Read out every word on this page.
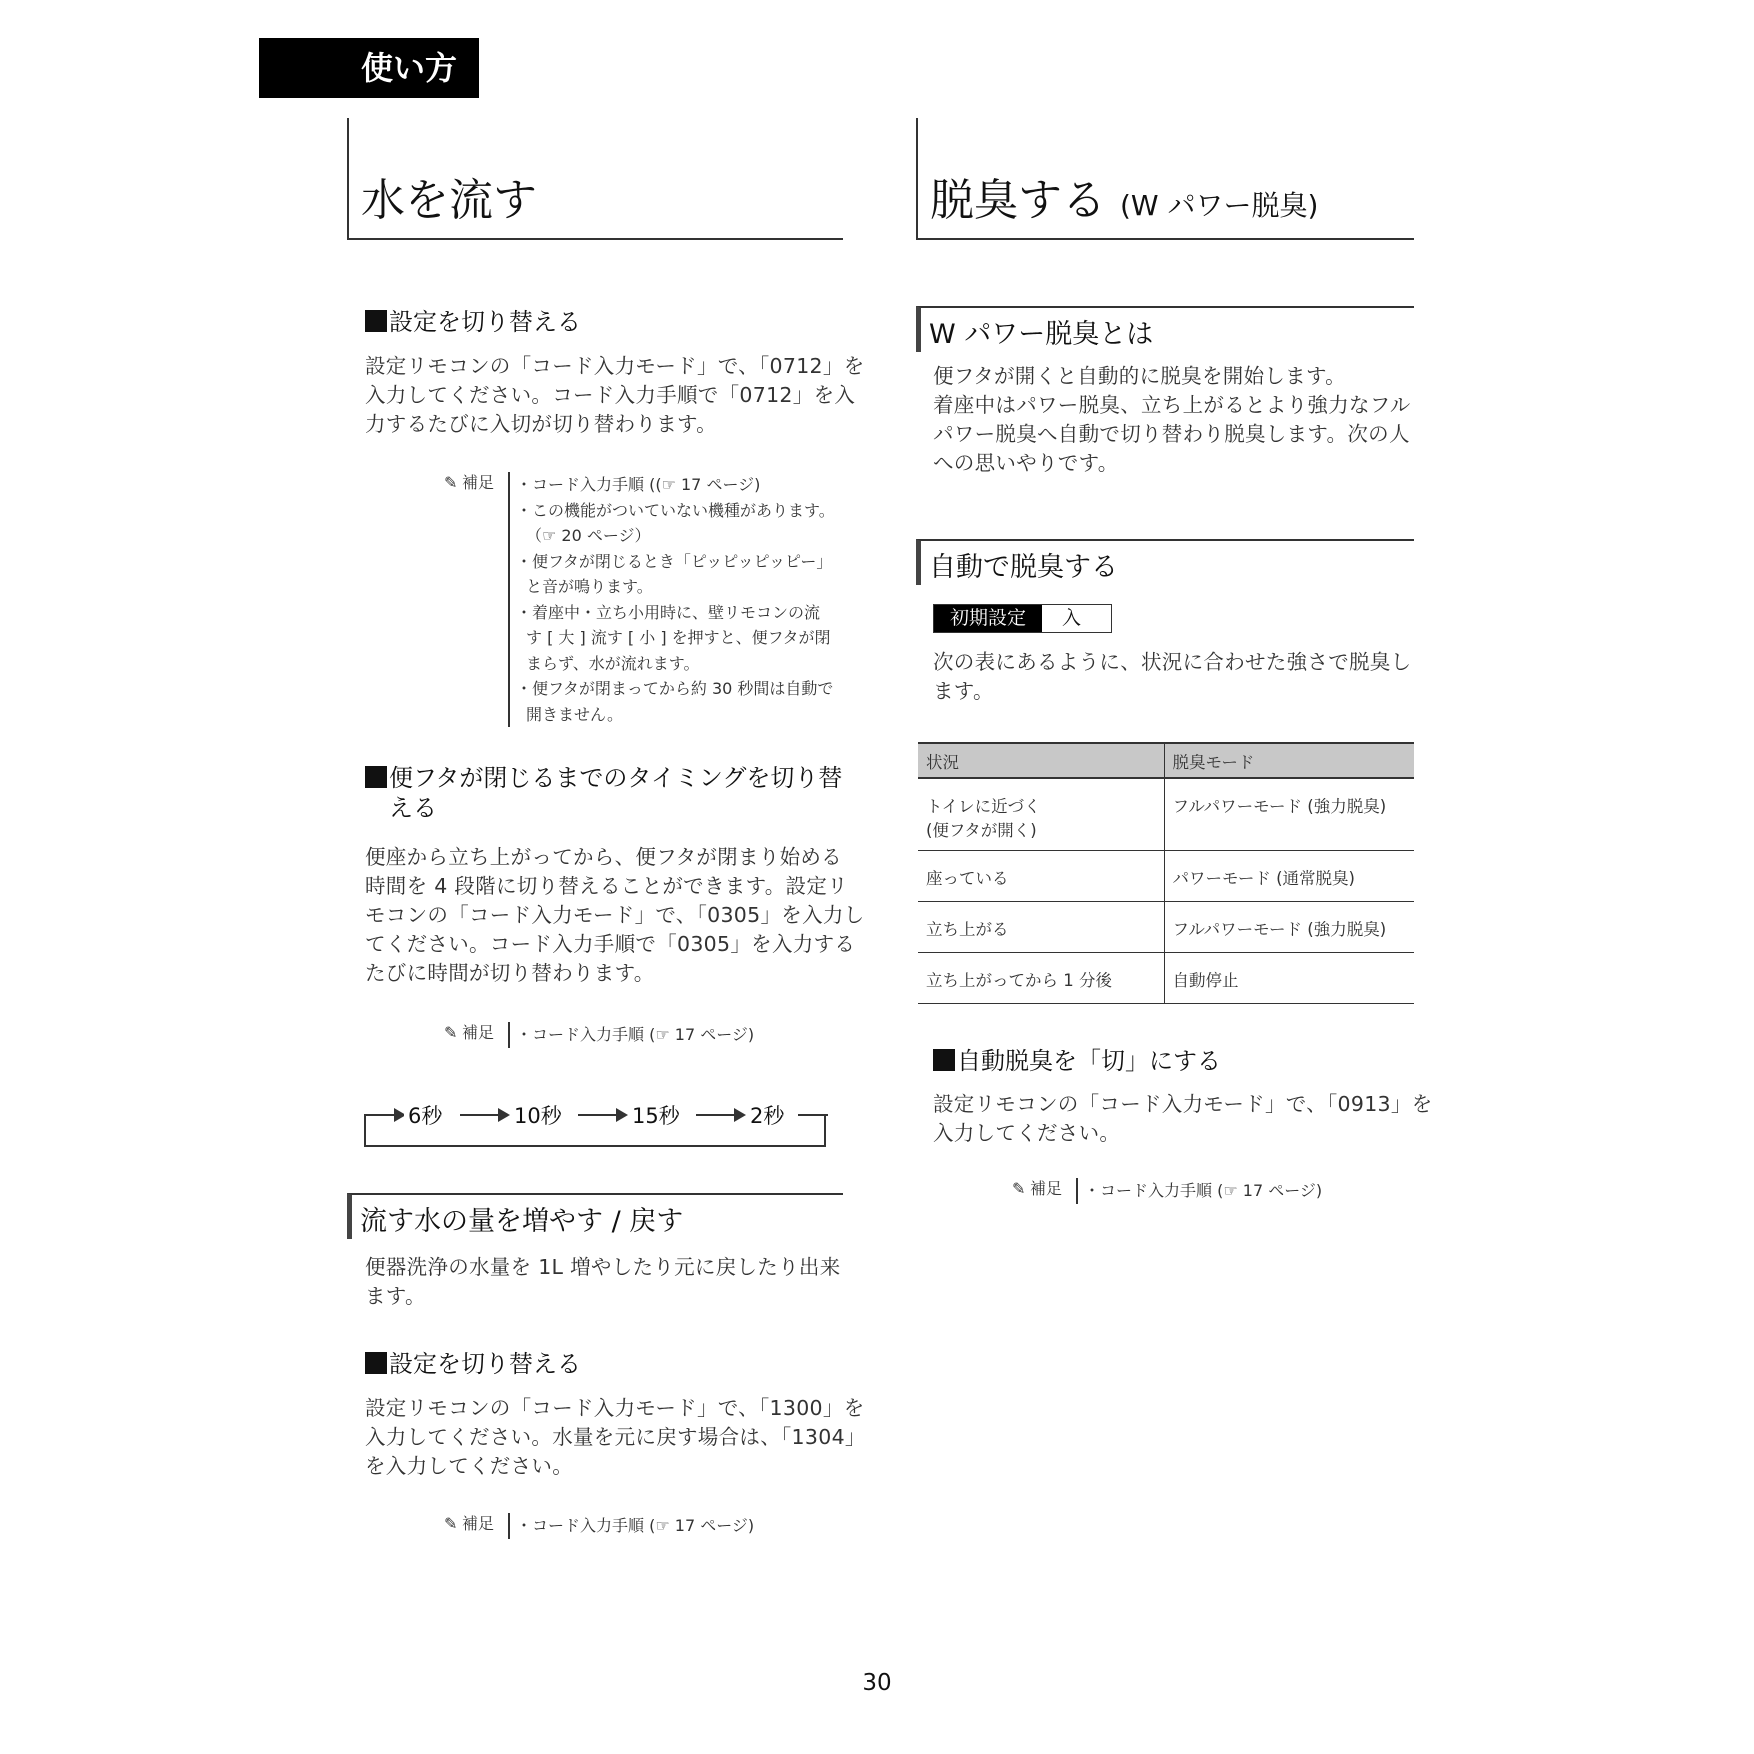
使い方
水を流す	脱臭する (W パワー脱臭)
設定を切り替える
設定リモコンの「コード入力モード」で、「0712」を
入力してください。コード入力手順で「0712」を入
力するたびに入切が切り替わります。
✎ 補足 ・コード入力手順 ((☞ 17 ページ)
・この機能がついていない機種があります。
（☞ 20 ページ）
・便フタが閉じるとき「ピッピッピッピー」
と音が鳴ります。
・着座中・立ち小用時に、壁リモコンの流
す [ 大 ] 流す [ 小 ] を押すと、便フタが閉
まらず、水が流れます。
・便フタが閉まってから約 30 秒間は自動で
開きません。
便フタが閉じるまでのタイミングを切り替
える
便座から立ち上がってから、便フタが閉まり始める
時間を 4 段階に切り替えることができます。設定リ
モコンの「コード入力モード」で、「0305」を入力し
てください。コード入力手順で「0305」を入力する
たびに時間が切り替わります。
✎ 補足 ・コード入力手順 (☞ 17 ページ)
6秒	10秒	15秒	2秒
流す水の量を増やす / 戻す
便器洗浄の水量を 1L 増やしたり元に戻したり出来
ます。
設定を切り替える
設定リモコンの「コード入力モード」で、「1300」を
入力してください。水量を元に戻す場合は、「1304」
を入力してください。
✎ 補足 ・コード入力手順 (☞ 17 ページ)
W パワー脱臭とは
便フタが開くと自動的に脱臭を開始します。
着座中はパワー脱臭、立ち上がるとより強力なフル
パワー脱臭へ自動で切り替わり脱臭します。次の人
への思いやりです。
自動で脱臭する
初期設定	入
次の表にあるように、状況に合わせた強さで脱臭し
ます。
状況	脱臭モード

トイレに近づく
(便フタが開く)	フルパワーモード (強力脱臭)
座っている	パワーモード (通常脱臭)
立ち上がる	フルパワーモード (強力脱臭)
立ち上がってから 1 分後	自動停止
自動脱臭を「切」にする
設定リモコンの「コード入力モード」で、「0913」を
入力してください。
✎ 補足 ・コード入力手順 (☞ 17 ページ)
30
